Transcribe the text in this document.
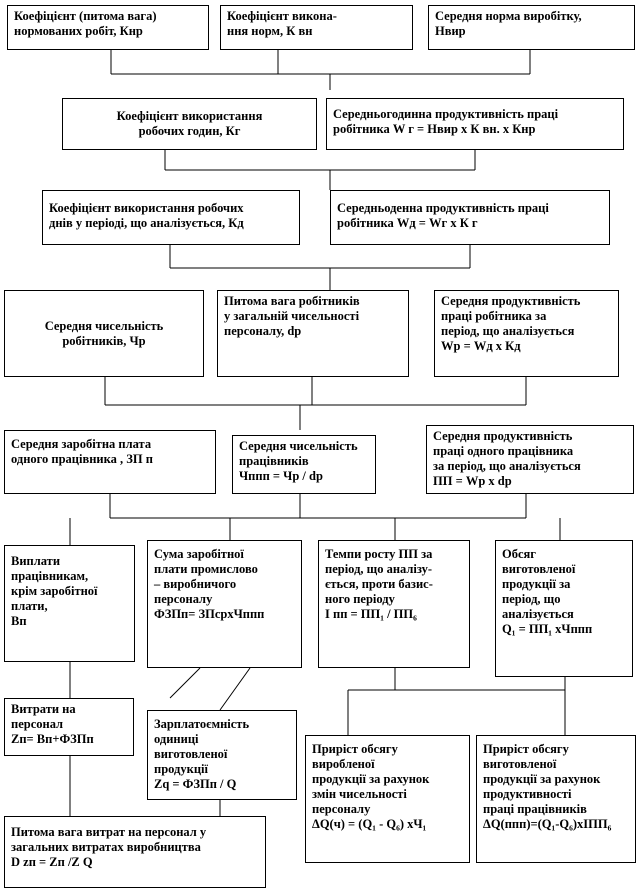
Коефіцієнт (питома вага)
нормованих робіт, Кнр
Коефіцієнт викона-
ння норм, К вн
Середня норма виробітку,
Нвир
Коефіцієнт використання
робочих годин, Кг
Середньогодинна продуктивність праці
робітника W г = Нвир х К вн. х Кнр
Коефіцієнт використання робочих
днів у періоді, що аналізується, Кд
Середньоденна продуктивність праці
робітника Wд = Wг х К г
Середня чисельність
робітників, Чр
Питома вага робітників
у загальній чисельності
персоналу, dр
Середня продуктивність
праці робітника за
період, що аналізується
Wр = Wд х Кд
Середня заробітна плата
одного працівника , ЗП п
Середня чисельність
працівників
Чппп = Чр / dр
Середня продуктивність
праці одного працівника
за період, що аналізується
ПП = Wр х dр
Виплати
працівникам,
крім заробітної
плати,
Вп
Сума заробітної
плати промислово
– виробничого
персоналу
ФЗПп= ЗПсрхЧппп
Темпи росту ПП за
період, що аналізу-
ється, проти базис-
ного періоду
І пп = ПП₁ / ПП₆
Обсяг
виготовленої
продукції за
період, що
аналізується
Q₁ = ПП₁ хЧппп
Витрати на
персонал
Zп= Вп+ФЗПп
Зарплатоємність
одиниці
виготовленої
продукції
Zq = ФЗПп / Q
Приріст обсягу
виробленої
продукції за рахунок
змін чисельності
персоналу
ΔQ(ч) = (Q₁ - Q₆) хЧ₁
Приріст обсягу
виготовленої
продукції за рахунок
продуктивності
праці працівників
ΔQ(ппп)=(Q₁-Q₆)хІПП₆
Питома вага витрат на персонал у
загальних витратах виробництва
D zп = Zп /Z Q
